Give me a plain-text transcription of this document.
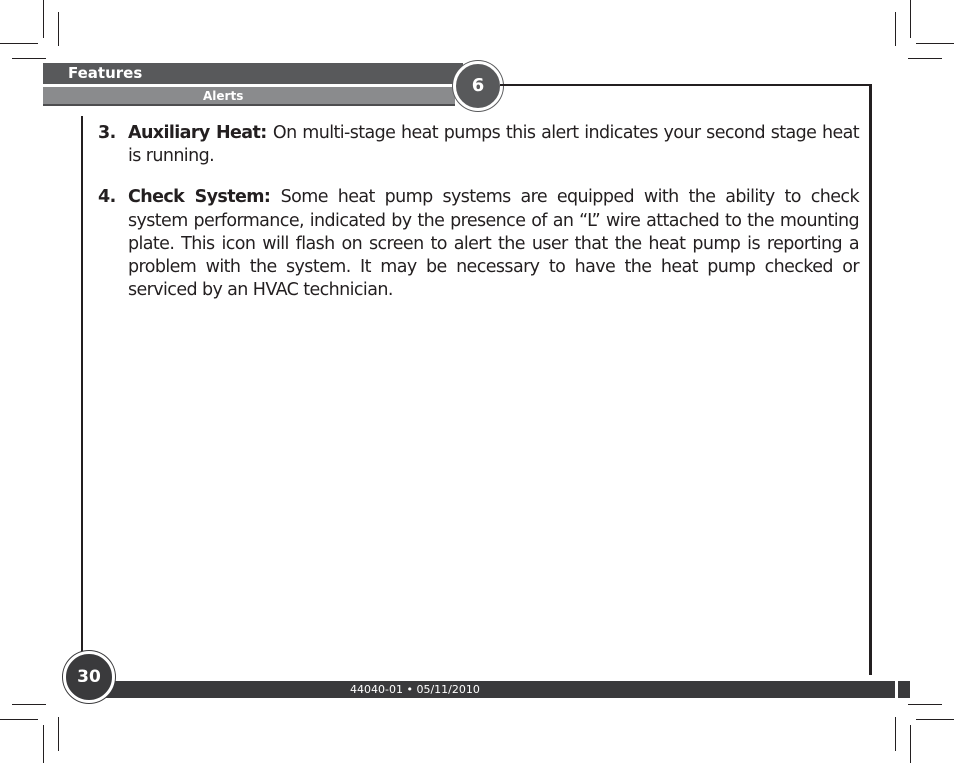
Features
Alerts	6
3. Auxiliary Heat: On multi-stage heat pumps this alert indicates your second stage heat is running.
4. Check System: Some heat pump systems are equipped with the ability to check system performance, indicated by the presence of an “L” wire attached to the mounting plate. This icon will flash on screen to alert the user that the heat pump is reporting a problem with the system. It may be necessary to have the heat pump checked or serviced by an HVAC technician.
44040-01 • 05/11/2010
30
